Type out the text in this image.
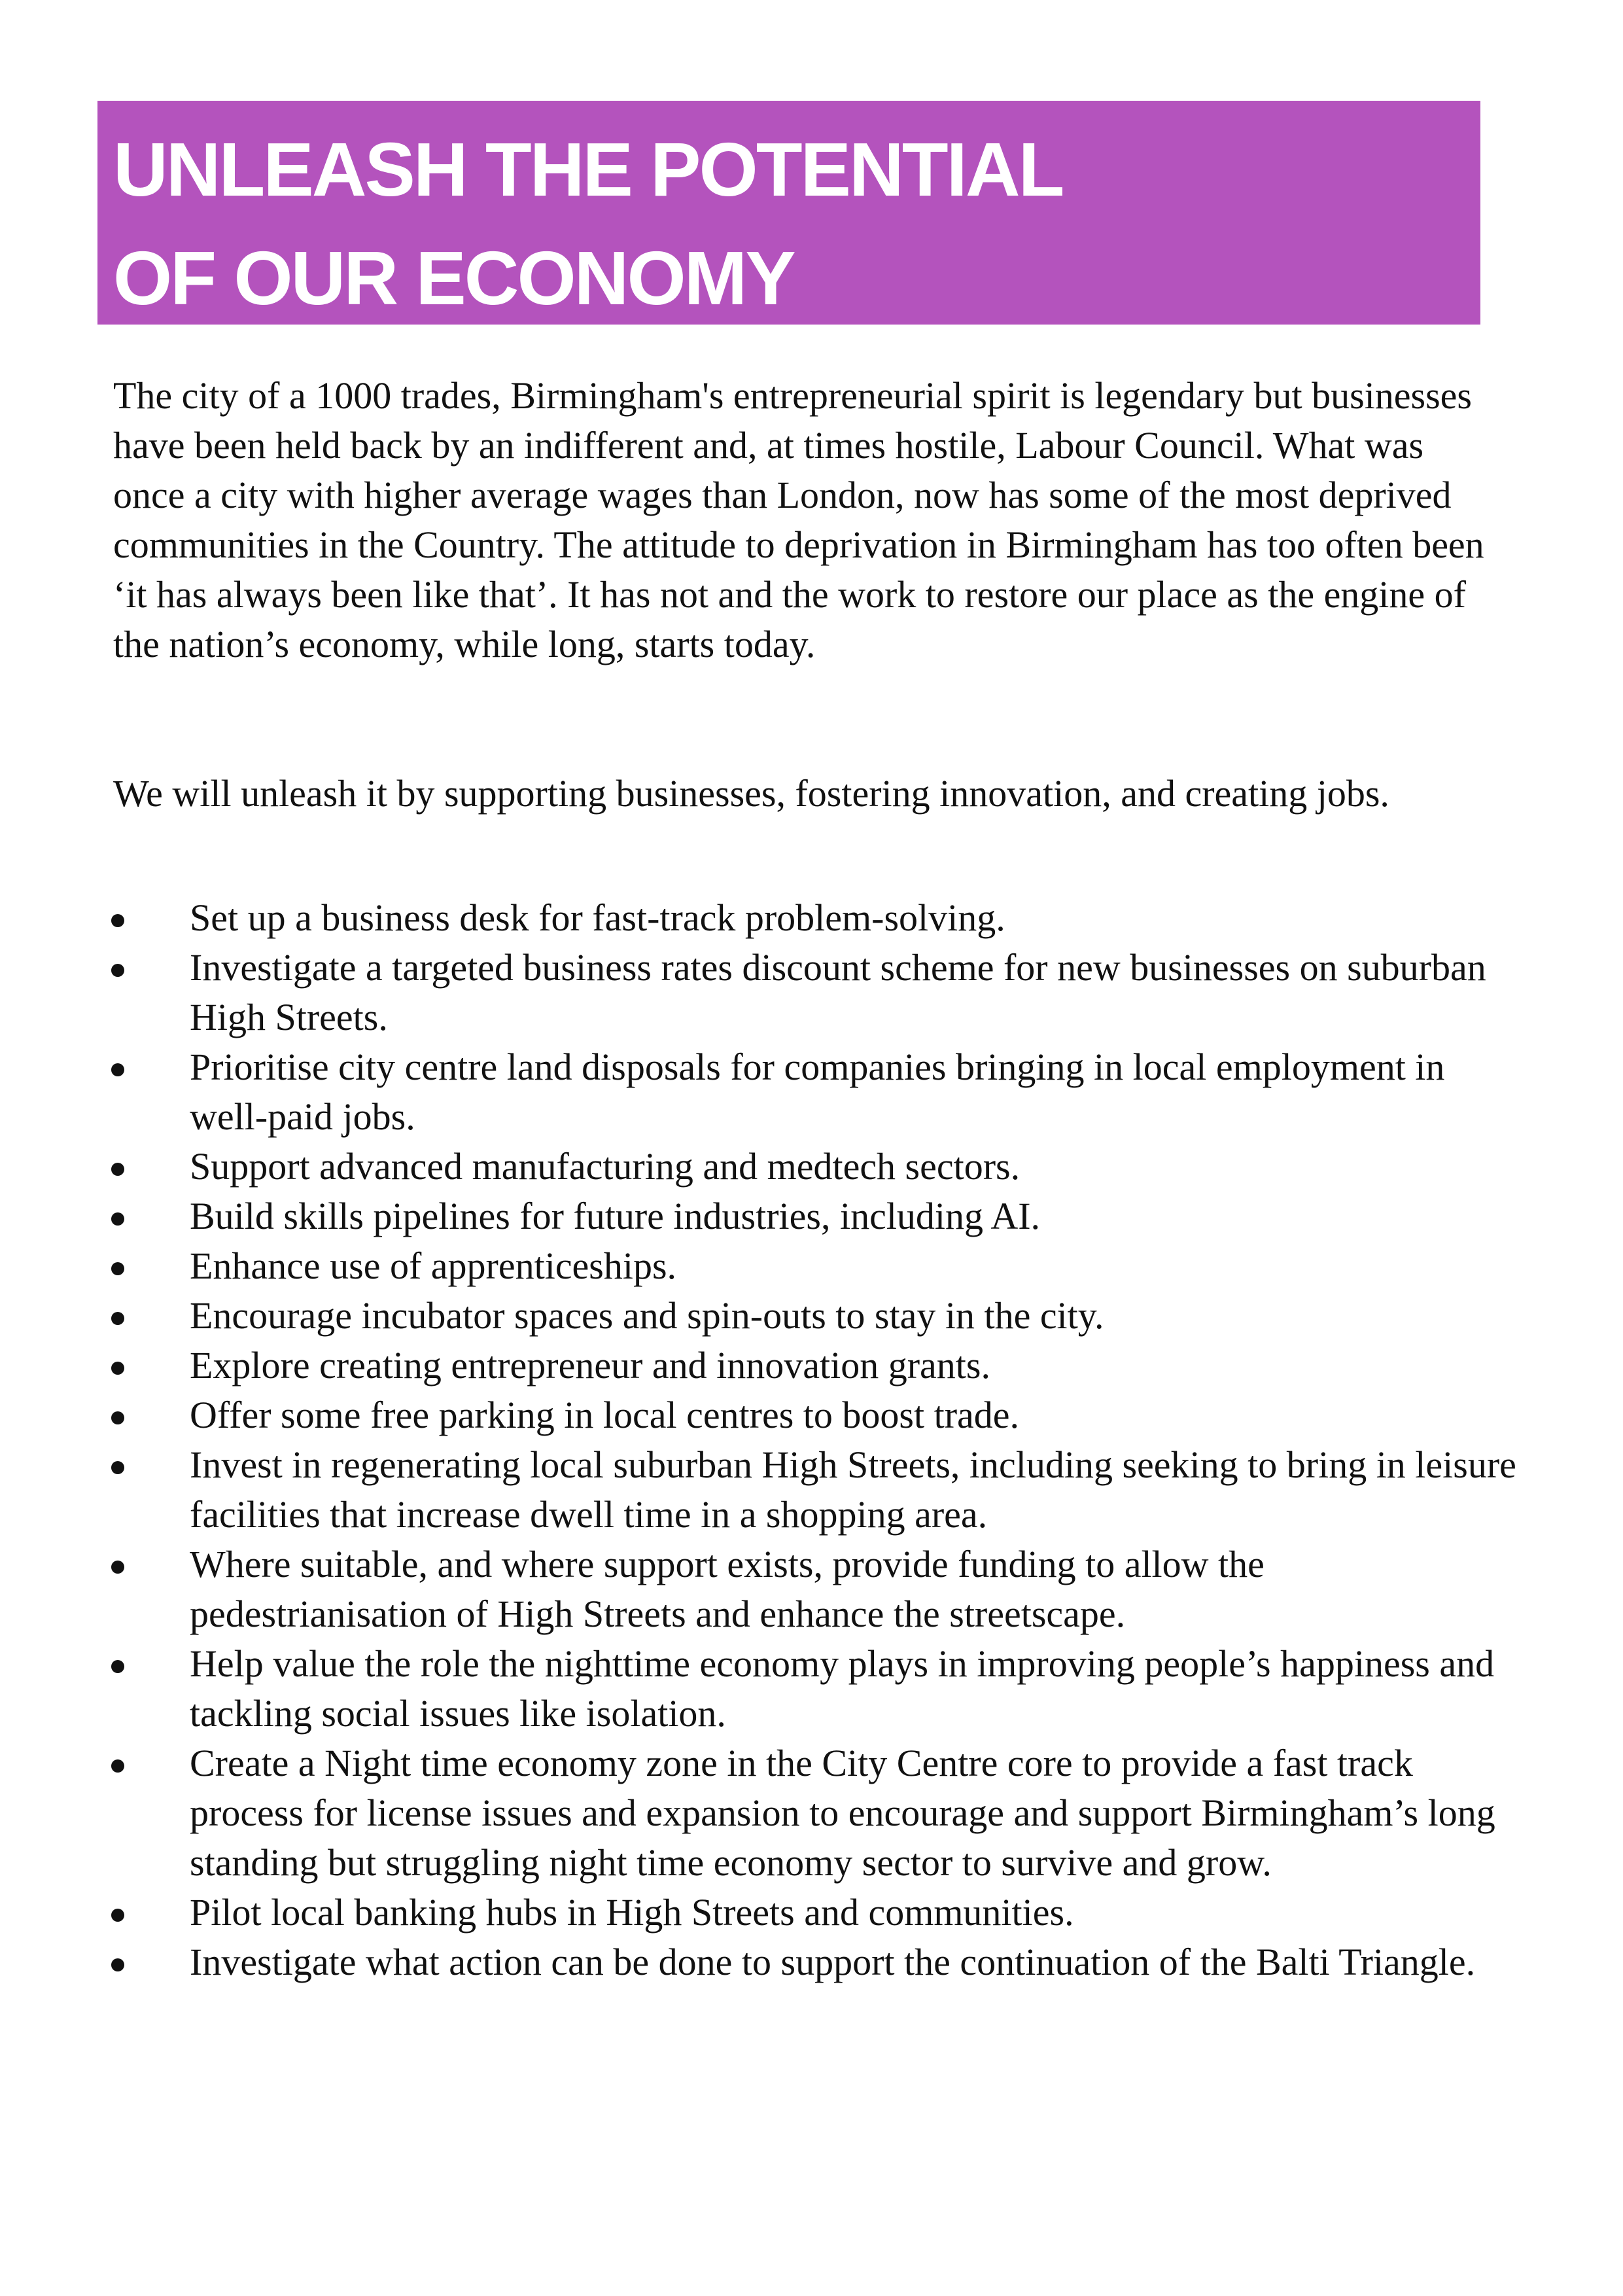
UNLEASH THE POTENTIAL
OF OUR ECONOMY

The city of a 1000 trades, Birmingham's entrepreneurial spirit is legendary but businesses have been held back by an indifferent and, at times hostile, Labour Council. What was once a city with higher average wages than London, now has some of the most deprived communities in the Country. The attitude to deprivation in Birmingham has too often been ‘it has always been like that’. It has not and the work to restore our place as the engine of the nation’s economy, while long, starts today.

We will unleash it by supporting businesses, fostering innovation, and creating jobs.

Set up a business desk for fast-track problem-solving.
Investigate a targeted business rates discount scheme for new businesses on suburban High Streets.
Prioritise city centre land disposals for companies bringing in local employment in well-paid jobs.
Support advanced manufacturing and medtech sectors.
Build skills pipelines for future industries, including AI.
Enhance use of apprenticeships.
Encourage incubator spaces and spin-outs to stay in the city.
Explore creating entrepreneur and innovation grants.
Offer some free parking in local centres to boost trade.
Invest in regenerating local suburban High Streets, including seeking to bring in leisure facilities that increase dwell time in a shopping area.
Where suitable, and where support exists, provide funding to allow the pedestrianisation of High Streets and enhance the streetscape.
Help value the role the nighttime economy plays in improving people’s happiness and tackling social issues like isolation.
Create a Night time economy zone in the City Centre core to provide a fast track process for license issues and expansion to encourage and support Birmingham’s long standing but struggling night time economy sector to survive and grow.
Pilot local banking hubs in High Streets and communities.
Investigate what action can be done to support the continuation of the Balti Triangle.
